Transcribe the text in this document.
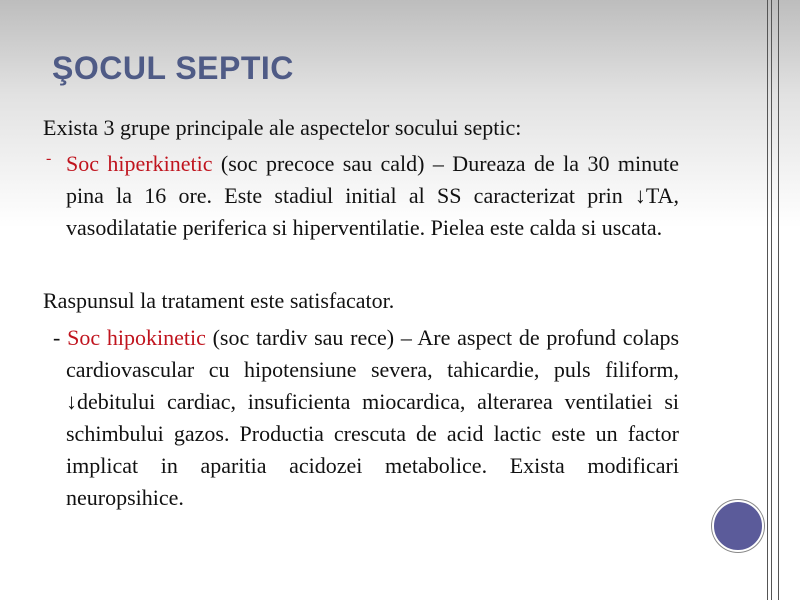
ŞOCUL SEPTIC
Exista 3 grupe principale ale aspectelor socului septic:
- Soc hiperkinetic (soc precoce sau cald) – Dureaza de la 30 minute pina la 16 ore. Este stadiul initial al SS caracterizat prin ↓TA, vasodilatatie periferica si hiperventilatie. Pielea este calda si uscata.
Raspunsul la tratament este satisfacator.
- Soc hipokinetic (soc tardiv sau rece) – Are aspect de profund colaps cardiovascular cu hipotensiune severa, tahicardie, puls filiform, ↓debitului cardiac, insuficienta miocardica, alterarea ventilatiei si schimbului gazos. Productia crescuta de acid lactic este un factor implicat in aparitia acidozei metabolice. Exista modificari neuropsihice.
